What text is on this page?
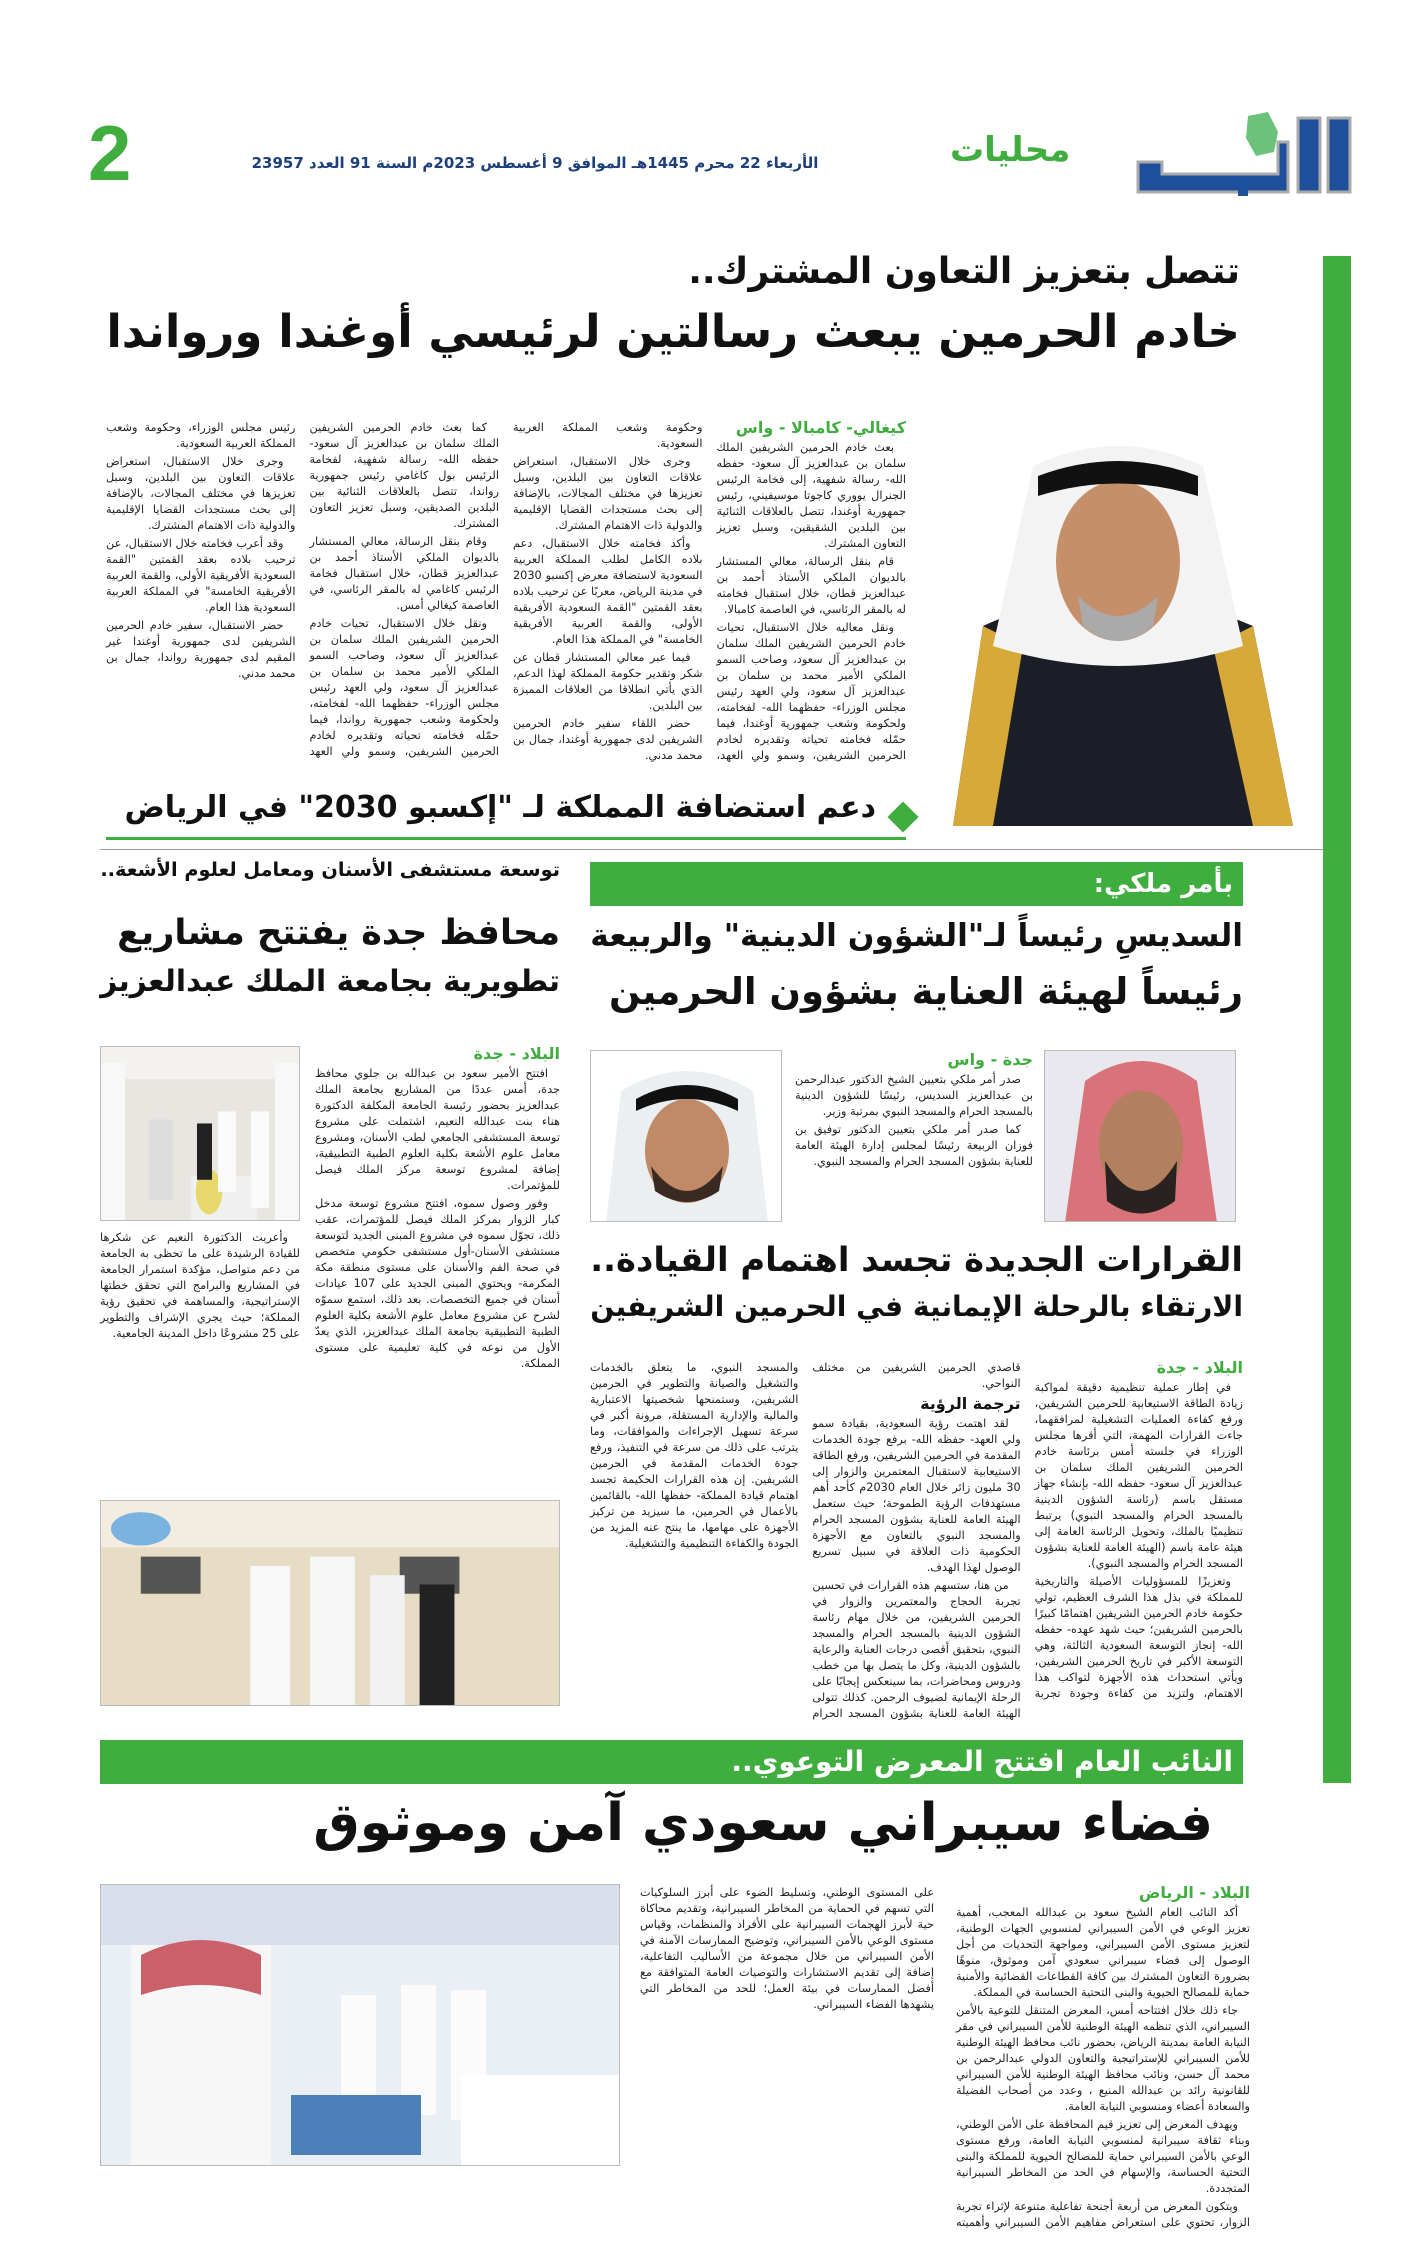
محليات
الأربعاء 22 محرم 1445هـ الموافق 9 أغسطس 2023م السنة 91 العدد 23957
2
تتصل بتعزيز التعاون المشترك..
خادم الحرمين يبعث رسالتين لرئيسي أوغندا ورواندا
كيغالي- كامبالا - واس

بعث خادم الحرمين الشريفين الملك سلمان بن عبدالعزيز آل سعود- حفظه الله- رسالة شفهية، إلى فخامة الرئيس الجنرال يووري كاجوتا موسيفيني، رئيس جمهورية أوغندا، تتصل بالعلاقات الثنائية بين البلدين الشقيقين، وسبل تعزيز التعاون المشترك.

قام بنقل الرسالة، معالي المستشار بالديوان الملكي الأستاذ أحمد بن عبدالعزيز قطان، خلال استقبال فخامته له بالمقر الرئاسي، في العاصمة كامبالا.

ونقل معاليه خلال الاستقبال، تحيات خادم الحرمين الشريفين الملك سلمان بن عبدالعزيز آل سعود، وصاحب السمو الملكي الأمير محمد بن سلمان بن عبدالعزيز آل سعود، ولي العهد رئيس مجلس الوزراء- حفظهما الله- لفخامته، ولحكومة وشعب جمهورية أوغندا، فيما حمّله فخامته تحياته وتقديره لخادم الحرمين الشريفين، وسمو ولي العهد، وحكومة وشعب المملكة العربية السعودية.

وجرى خلال الاستقبال، استعراض علاقات التعاون بين البلدين، وسبل تعزيزها في مختلف المجالات، بالإضافة إلى بحث مستجدات القضايا الإقليمية والدولية ذات الاهتمام المشترك.

وأكد فخامته خلال الاستقبال، دعم بلاده الكامل لطلب المملكة العربية السعودية لاستضافة معرض إكسبو 2030 في مدينة الرياض، معربًا عن ترحيب بلاده بعقد القمتين "القمة السعودية الأفريقية الأولى، والقمة العربية الأفريقية الخامسة" في المملكة هذا العام.

فيما عبر معالي المستشار قطان عن شكر وتقدير حكومة المملكة لهذا الدعم، الذي يأتي انطلاقا من العلاقات المميزة بين البلدين.

حضر اللقاء سفير خادم الحرمين الشريفين لدى جمهورية أوغندا، جمال بن محمد مدني.

كما بعث خادم الحرمين الشريفين الملك سلمان بن عبدالعزيز آل سعود- حفظه الله- رسالة شفهية، لفخامة الرئيس بول كاغامي رئيس جمهورية رواندا، تتصل بالعلاقات الثنائية بين البلدين الصديقين، وسبل تعزيز التعاون المشترك.

وقام بنقل الرسالة، معالي المستشار بالديوان الملكي الأستاذ أحمد بن عبدالعزيز قطان، خلال استقبال فخامة الرئيس كاغامي له بالمقر الرئاسي، في العاصمة كيغالي أمس.

ونقل خلال الاستقبال، تحيات خادم الحرمين الشريفين الملك سلمان بن عبدالعزيز آل سعود، وصاحب السمو الملكي الأمير محمد بن سلمان بن عبدالعزيز آل سعود، ولي العهد رئيس مجلس الوزراء- حفظهما الله- لفخامته، ولحكومة وشعب جمهورية رواندا، فيما حمّله فخامته تحياته وتقديره لخادم الحرمين الشريفين، وسمو ولي العهد رئيس مجلس الوزراء، وحكومة وشعب المملكة العربية السعودية.

وجرى خلال الاستقبال، استعراض علاقات التعاون بين البلدين، وسبل تعزيزها في مختلف المجالات، بالإضافة إلى بحث مستجدات القضايا الإقليمية والدولية ذات الاهتمام المشترك.

وقد أعرب فخامته خلال الاستقبال، عن ترحيب بلاده بعقد القمتين "القمة السعودية الأفريقية الأولى، والقمة العربية الأفريقية الخامسة" في المملكة العربية السعودية هذا العام.

حضر الاستقبال، سفير خادم الحرمين الشريفين لدى جمهورية أوغندا غير المقيم لدى جمهورية رواندا، جمال بن محمد مدني.

دعم استضافة المملكة لـ "إكسبو 2030" في الرياض
بأمر ملكي:
السديسِ رئيساً لـ"الشؤون الدينية" والربيعة
رئيساً لهيئة العناية بشؤون الحرمين
جدة - واس

صدر أمر ملكي بتعيين الشيخ الدكتور عبدالرحمن بن عبدالعزيز السديس، رئيسًا للشؤون الدينية بالمسجد الحرام والمسجد النبوي بمرتبة وزير.

كما صدر أمر ملكي بتعيين الدكتور توفيق بن فوزان الربيعة رئيسًا لمجلس إدارة الهيئة العامة للعناية بشؤون المسجد الحرام والمسجد النبوي.

القرارات الجديدة تجسد اهتمام القيادة..
الارتقاء بالرحلة الإيمانية في الحرمين الشريفين
البلاد - جدة

في إطار عملية تنظيمية دقيقة لمواكبة زيادة الطاقة الاستيعابية للحرمين الشريفين، ورفع كفاءة العمليات التشغيلية لمرافقهما، جاءت القرارات المهمة، التي أقرها مجلس الوزراء في جلسته أمس برئاسة خادم الحرمين الشريفين الملك سلمان بن عبدالعزيز آل سعود- حفظه الله- بإنشاء جهاز مستقل باسم (رئاسة الشؤون الدينية بالمسجد الحرام والمسجد النبوي) يرتبط تنظيميًا بالملك، وتحويل الرئاسة العامة إلى هيئة عامة باسم (الهيئة العامة للعناية بشؤون المسجد الحرام والمسجد النبوي).

وتعزيزًا للمسؤوليات الأصيلة والتاريخية للمملكة في بذل هذا الشرف العظيم، تولي حكومة خادم الحرمين الشريفين اهتمامًا كبيرًا بالحرمين الشريفين؛ حيث شهد عهده- حفظه الله- إنجاز التوسعة السعودية الثالثة، وهي التوسعة الأكبر في تاريخ الحرمين الشريفين، ويأتي استحداث هذه الأجهزة لتواكب هذا الاهتمام، ولتزيد من كفاءة وجودة تجربة قاصدي الحرمين الشريفين من مختلف النواحي.

ترجمة الرؤية

لقد اهتمت رؤية السعودية، بقيادة سمو ولي العهد- حفظه الله- برفع جودة الخدمات المقدمة في الحرمين الشريفين، ورفع الطاقة الاستيعابية لاستقبال المعتمرين والزوار إلى 30 مليون زائر خلال العام 2030م كأحد أهم مستهدفات الرؤية الطموحة؛ حيث ستعمل الهيئة العامة للعناية بشؤون المسجد الحرام والمسجد النبوي بالتعاون مع الأجهزة الحكومية ذات العلاقة في سبيل تسريع الوصول لهذا الهدف.

من هنا، ستسهم هذه القرارات في تحسين تجربة الحجاج والمعتمرين والزوار في الحرمين الشريفين، من خلال مهام رئاسة الشؤون الدينية بالمسجد الحرام والمسجد النبوي، بتحقيق أقصى درجات العناية والرعاية بالشؤون الدينية، وكل ما يتصل بها من خطب ودروس ومحاضرات، بما سينعكس إيجابًا على الرحلة الإيمانية لضيوف الرحمن. كذلك تتولى الهيئة العامة للعناية بشؤون المسجد الحرام والمسجد النبوي، ما يتعلق بالخدمات والتشغيل والصيانة والتطوير في الحرمين الشريفين، وستمنحها شخصيتها الاعتبارية والمالية والإدارية المستقلة، مرونة أكبر في سرعة تسهيل الإجراءات والموافقات، وما يترتب على ذلك من سرعة في التنفيذ، ورفع جودة الخدمات المقدمة في الحرمين الشريفين. إن هذه القرارات الحكيمة تجسد اهتمام قيادة المملكة- حفظها الله- بالقائمين بالأعمال في الحرمين، ما سيزيد من تركيز الأجهزة على مهامها، ما ينتج عنه المزيد من الجودة والكفاءة التنظيمية والتشغيلية.

توسعة مستشفى الأسنان ومعامل لعلوم الأشعة..
محافظ جدة يفتتح مشاريع
تطويرية بجامعة الملك عبدالعزيز
البلاد - جدة

افتتح الأمير سعود بن عبدالله بن جلوي محافظ جدة، أمس عددًا من المشاريع بجامعة الملك عبدالعزيز بحضور رئيسة الجامعة المكلفة الدكتورة هناء بنت عبدالله النعيم، اشتملت على مشروع توسعة المستشفى الجامعي لطب الأسنان، ومشروع معامل علوم الأشعة بكلية العلوم الطبية التطبيقية، إضافة لمشروع توسعة مركز الملك فيصل للمؤتمرات.

وفور وصول سموه، افتتح مشروع توسعة مدخل كبار الزوار بمركز الملك فيصل للمؤتمرات، عقب ذلك، تجوّل سموه في مشروع المبنى الجديد لتوسعة مستشفى الأسنان-أول مستشفى حكومي متخصص في صحة الفم والأسنان على مستوى منطقة مكة المكرمة- ويحتوي المبنى الجديد على 107 عيادات أسنان في جميع التخصصات. بعد ذلك، استمع سموّه لشرح عن مشروع معامل علوم الأشعة بكلية العلوم الطبية التطبيقية بجامعة الملك عبدالعزيز، الذي يعدّ الأول من نوعه في كلية تعليمية على مستوى المملكة.

وأعربت الدكتورة النعيم عن شكرها للقيادة الرشيدة على ما تحظى به الجامعة من دعم متواصل، مؤكدة استمرار الجامعة في المشاريع والبرامج التي تحقق خطتها الإستراتيجية، والمساهمة في تحقيق رؤية المملكة؛ حيث يجري الإشراف والتطوير على 25 مشروعًا داخل المدينة الجامعية.

النائب العام افتتح المعرض التوعوي..
فضاء سيبراني سعودي آمن وموثوق
البلاد - الرياض

أكد النائب العام الشيخ سعود بن عبدالله المعجب، أهمية تعزيز الوعي في الأمن السيبراني لمنسوبي الجهات الوطنية، لتعزيز مستوى الأمن السيبراني، ومواجهة التحديات من أجل الوصول إلى فضاء سيبراني سعودي آمن وموثوق، منوهًا بضرورة التعاون المشترك بين كافة القطاعات القضائية والأمنية حماية للمصالح الحيوية والبنى التحتية الحساسة في المملكة.

جاء ذلك خلال افتتاحه أمس، المعرض المتنقل للتوعية بالأمن السيبراني، الذي تنظمه الهيئة الوطنية للأمن السيبراني في مقر النيابة العامة بمدينة الرياض، بحضور نائب محافظ الهيئة الوطنية للأمن السيبراني للإستراتيجية والتعاون الدولي عبدالرحمن بن محمد آل حسن، ونائب محافظ الهيئة الوطنية للأمن السيبراني للقانونية رائد بن عبدالله المنيع ، وعدد من أصحاب الفضيلة والسعادة أعضاء ومنسوبي النيابة العامة.

ويهدف المعرض إلى تعزيز قيم المحافظة على الأمن الوطني، وبناء ثقافة سيبرانية لمنسوبي النيابة العامة، ورفع مستوى الوعي بالأمن السيبراني حماية للمصالح الحيوية للمملكة والبنى التحتية الحساسة، والإسهام في الحد من المخاطر السيبرانية المتجددة.

ويتكون المعرض من أربعة أجنحة تفاعلية متنوعة لإثراء تجربة الزوار، تحتوي على استعراض مفاهيم الأمن السيبراني وأهميته على المستوى الوطني، وتسليط الضوء على أبرز السلوكيات التي تسهم في الحماية من المخاطر السيبرانية، وتقديم محاكاة حية لأبرز الهجمات السيبرانية على الأفراد والمنظمات، وقياس مستوى الوعي بالأمن السيبراني، وتوضيح الممارسات الآمنة في الأمن السيبراني من خلال مجموعة من الأساليب التفاعلية، إضافة إلى تقديم الاستشارات والتوصيات العامة المتوافقة مع أفضل الممارسات في بيئة العمل؛ للحد من المخاطر التي يشهدها الفضاء السيبراني.
